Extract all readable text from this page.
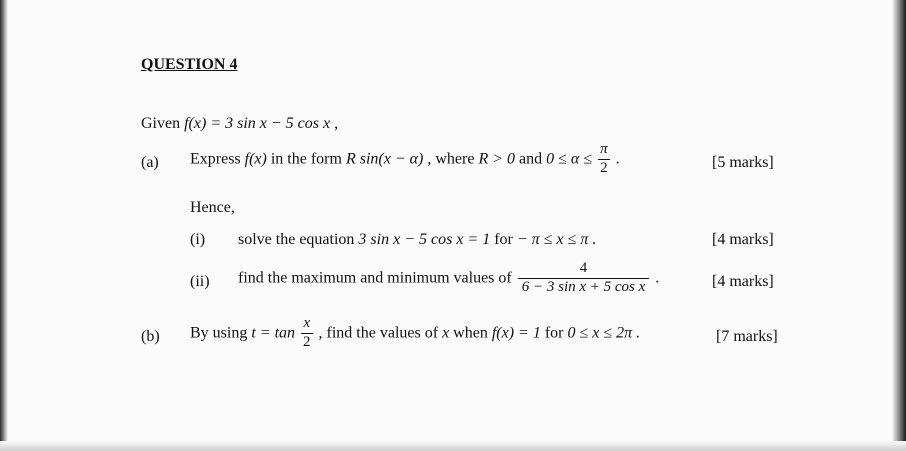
QUESTION 4
Given f(x) = 3 sin x − 5 cos x ,
(a) Express f(x) in the form R sin(x − α) , where R > 0 and $0 \le \alpha \le \frac{\pi}{2}$ .	[5 marks]
Hence,
(i) solve the equation 3 sin x − 5 cos x = 1 for − π ≤ x ≤ π .	[4 marks]
(ii) find the maximum and minimum values of $\frac{4}{\text{6 − 3 sin x + 5 cos x}}$ .	[4 marks]
(b) By using $t = \tan \frac{x}{2}$ , find the values of x when f(x) = 1 for 0 ≤ x ≤ 2π .	[7 marks]
